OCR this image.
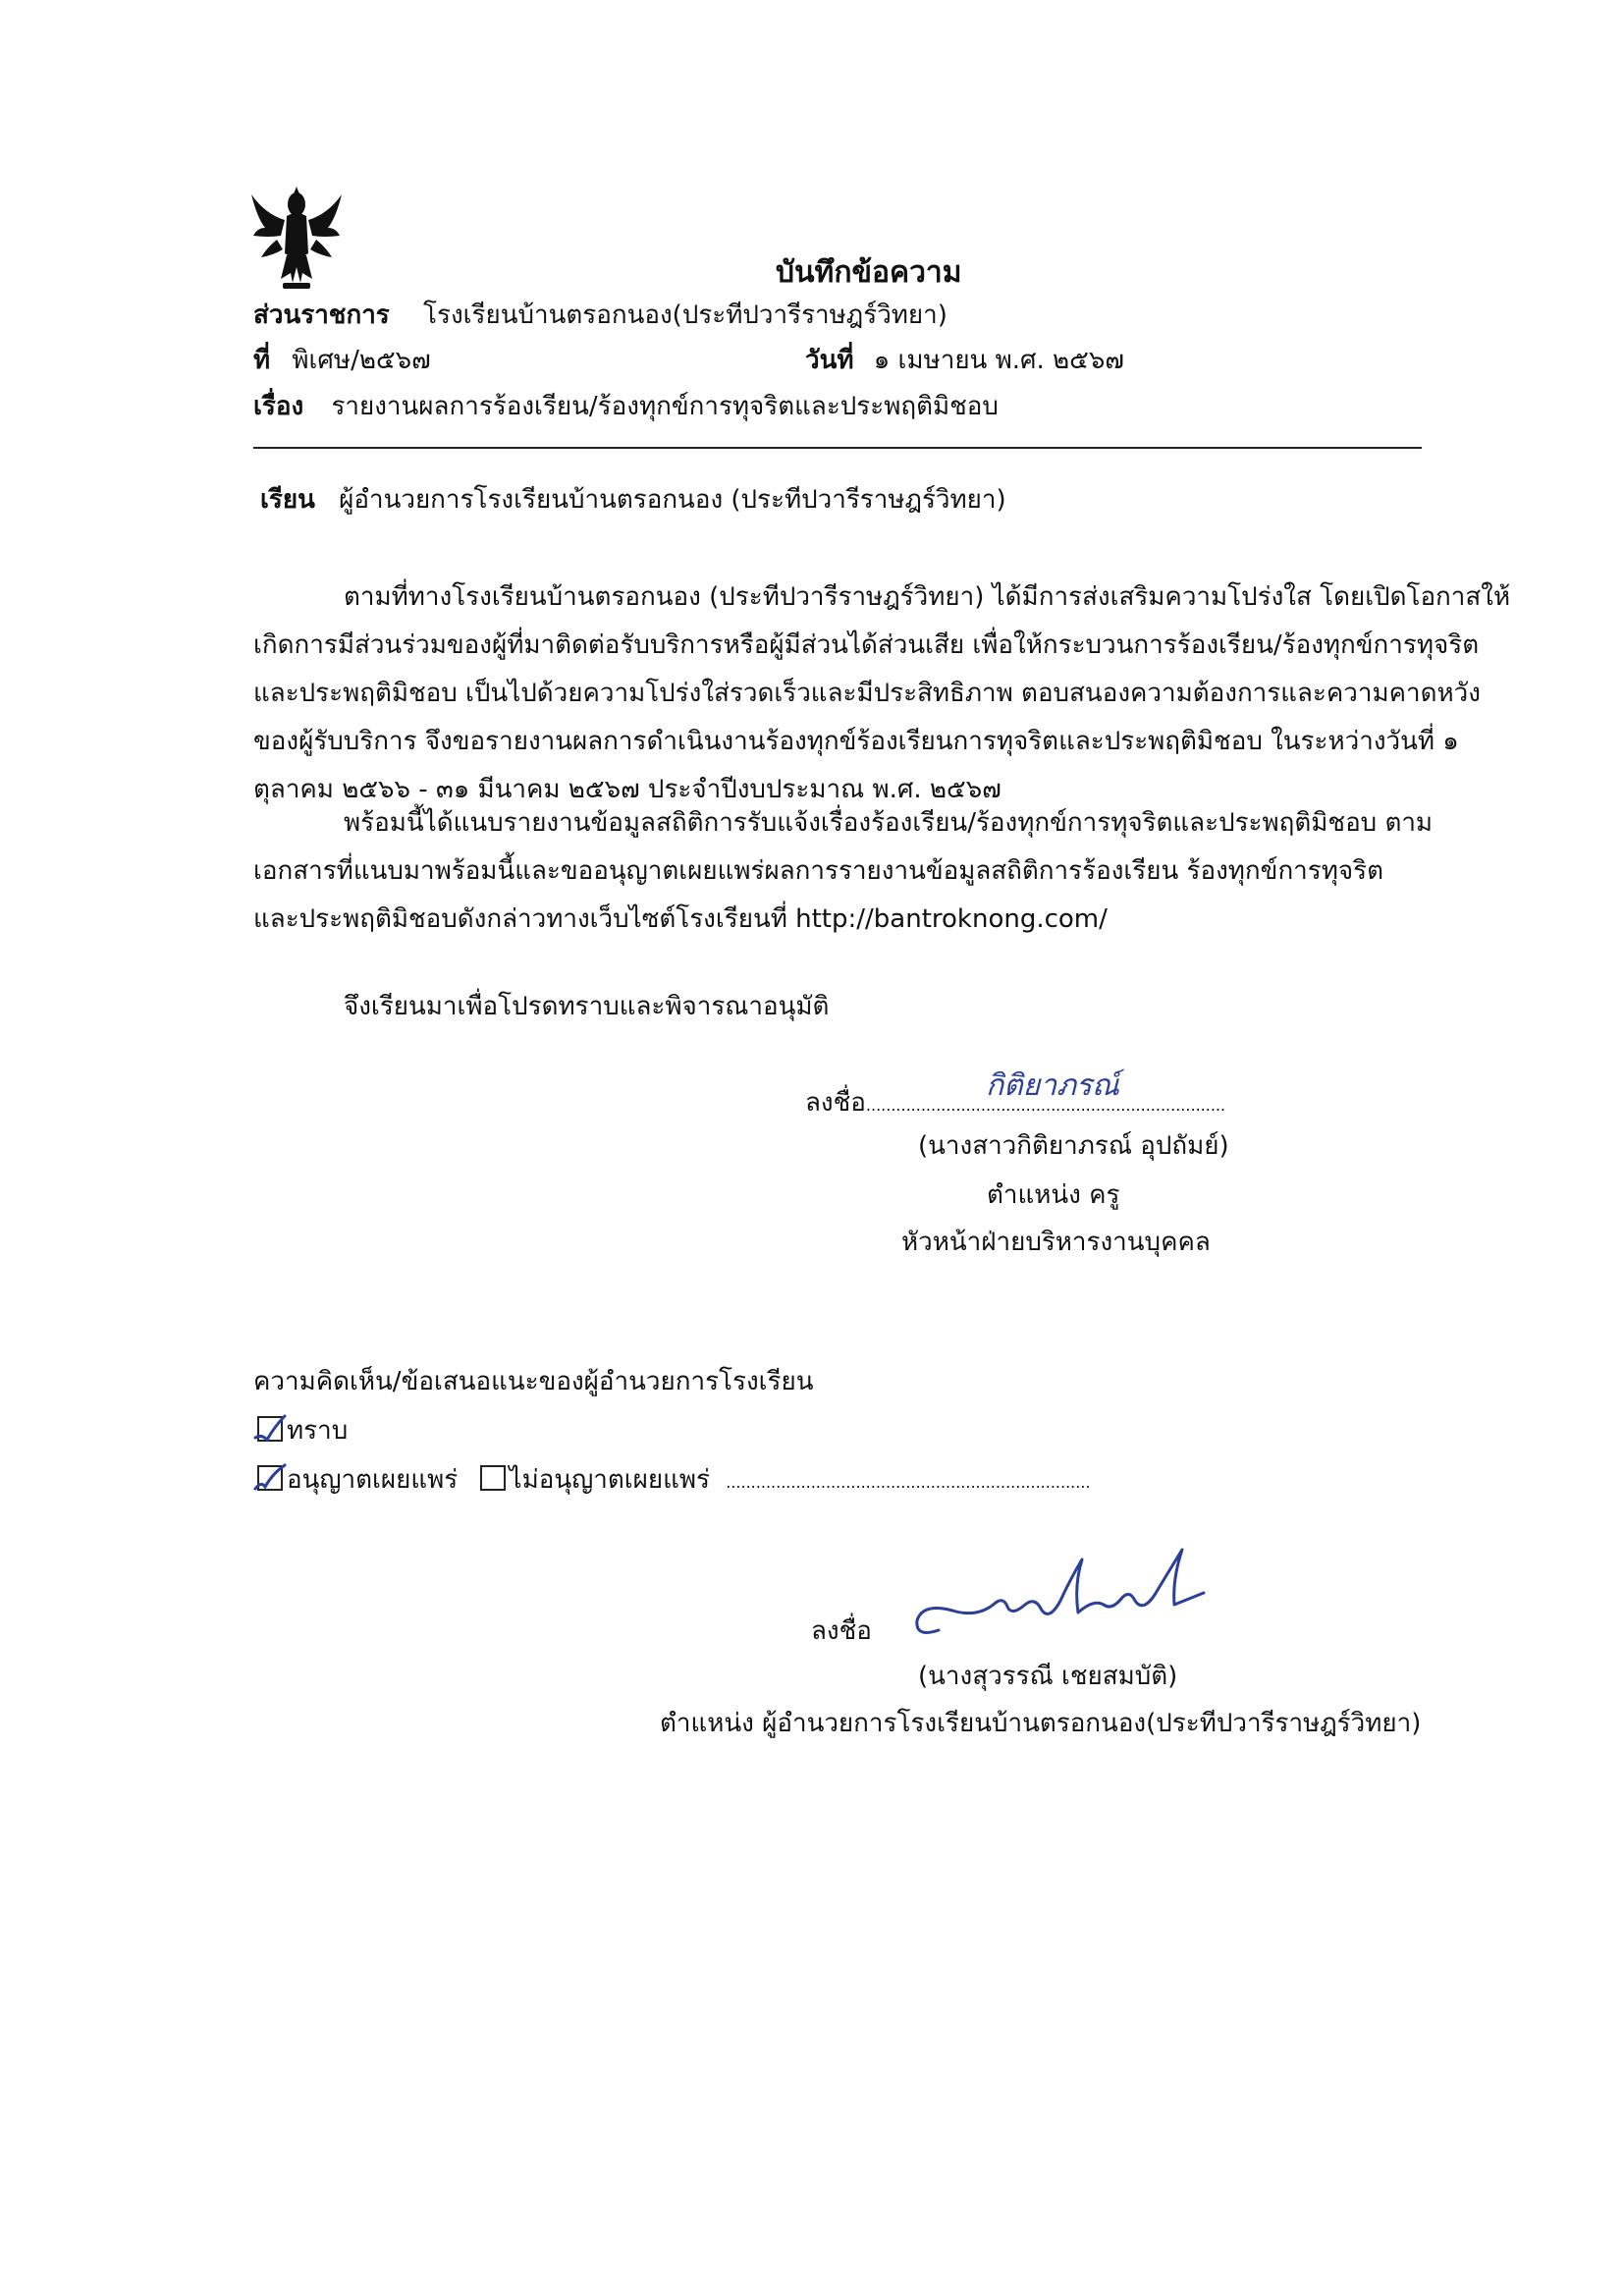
บันทึกข้อความ
ส่วนราชการ โรงเรียนบ้านตรอกนอง(ประทีปวารีราษฎร์วิทยา)
ที่ พิเศษ/๒๕๖๗	วันที่ ๑ เมษายน พ.ศ. ๒๕๖๗
เรื่อง รายงานผลการร้องเรียน/ร้องทุกข์การทุจริตและประพฤติมิชอบ
เรียน ผู้อำนวยการโรงเรียนบ้านตรอกนอง (ประทีปวารีราษฎร์วิทยา)
ตามที่ทางโรงเรียนบ้านตรอกนอง (ประทีปวารีราษฎร์วิทยา) ได้มีการส่งเสริมความโปร่งใส โดยเปิดโอกาสให้
เกิดการมีส่วนร่วมของผู้ที่มาติดต่อรับบริการหรือผู้มีส่วนได้ส่วนเสีย เพื่อให้กระบวนการร้องเรียน/ร้องทุกข์การทุจริต
และประพฤติมิชอบ เป็นไปด้วยความโปร่งใส่รวดเร็วและมีประสิทธิภาพ ตอบสนองความต้องการและความคาดหวัง
ของผู้รับบริการ จึงขอรายงานผลการดำเนินงานร้องทุกข์ร้องเรียนการทุจริตและประพฤติมิชอบ ในระหว่างวันที่ ๑
ตุลาคม ๒๕๖๖ - ๓๑ มีนาคม ๒๕๖๗ ประจำปีงบประมาณ พ.ศ. ๒๕๖๗
พร้อมนี้ได้แนบรายงานข้อมูลสถิติการรับแจ้งเรื่องร้องเรียน/ร้องทุกข์การทุจริตและประพฤติมิชอบ ตาม
เอกสารที่แนบมาพร้อมนี้และขออนุญาตเผยแพร่ผลการรายงานข้อมูลสถิติการร้องเรียน ร้องทุกข์การทุจริต
และประพฤติมิชอบดังกล่าวทางเว็บไซต์โรงเรียนที่ http://bantroknong.com/
จึงเรียนมาเพื่อโปรดทราบและพิจารณาอนุมัติ
ลงชื่อ........................................................................
กิติยาภรณ์
(นางสาวกิติยาภรณ์ อุปถัมย์)
ตำแหน่ง ครู
หัวหน้าฝ่ายบริหารงานบุคคล
ความคิดเห็น/ข้อเสนอแนะของผู้อำนวยการโรงเรียน
ทราบ
อนุญาตเผยแพร่ ไม่อนุญาตเผยแพร่ .........................................................................
ลงชื่อ
(นางสุวรรณี เชยสมบัติ)
ตำแหน่ง ผู้อำนวยการโรงเรียนบ้านตรอกนอง(ประทีปวารีราษฎร์วิทยา)
